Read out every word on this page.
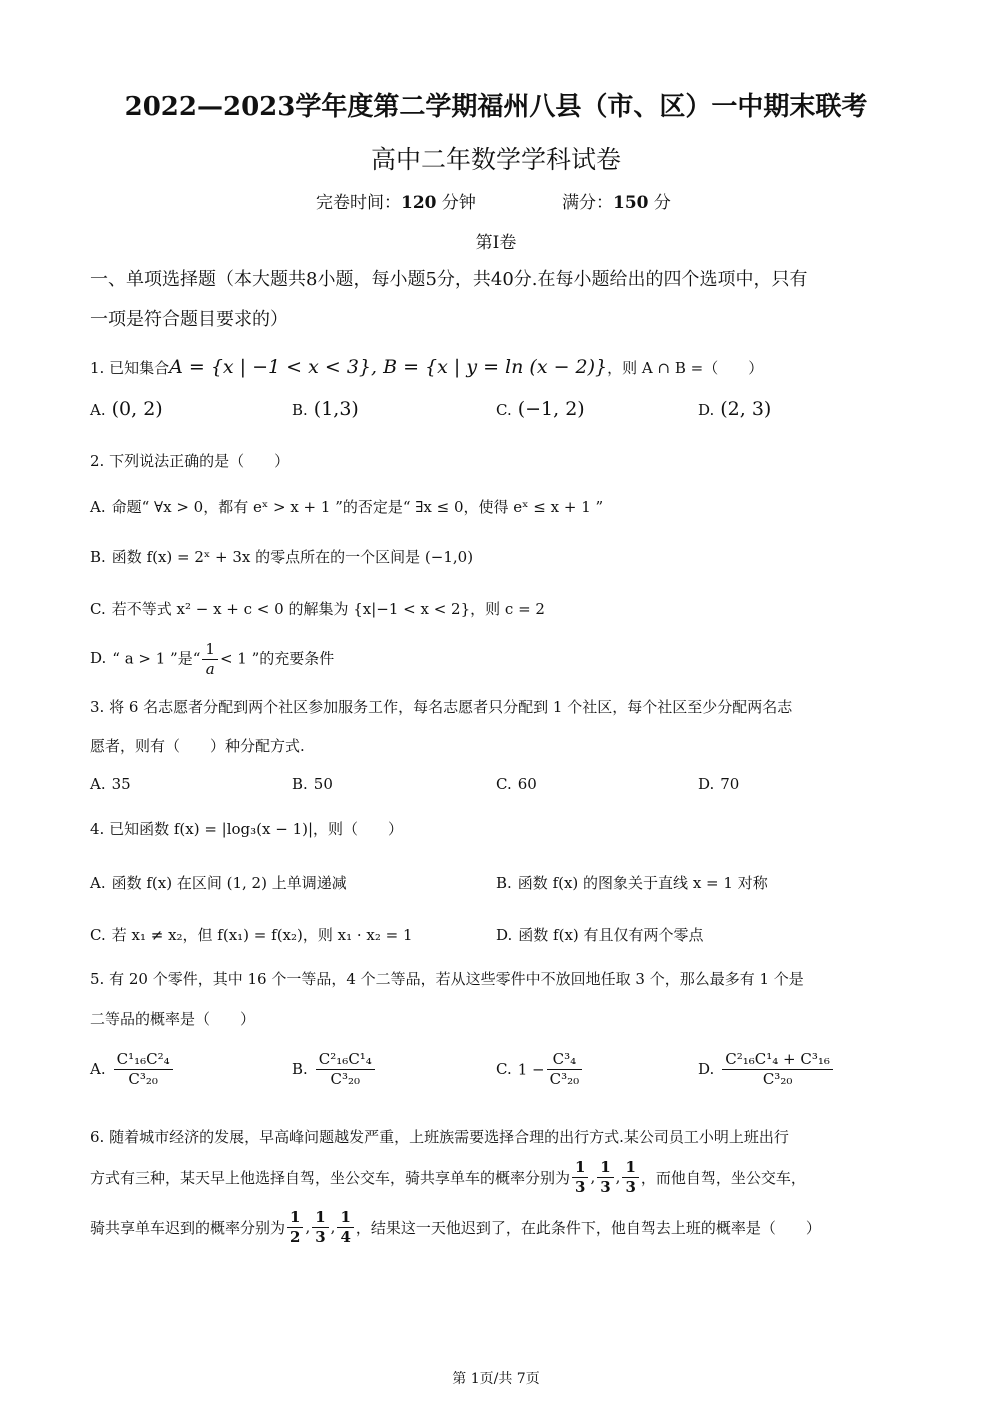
2022—2023学年度第二学期福州八县（市、区）一中期末联考
高中二年数学学科试卷
完卷时间：120 分钟	满分：150 分
第I卷
一、单项选择题（本大题共8小题，每小题5分，共40分.在每小题给出的四个选项中，只有
一项是符合题目要求的）
1. 已知集合A = {x | −1 < x < 3}, B = {x | y = ln (x − 2)}，则 A ∩ B =（　　）
A. (0, 2)	B. (1,3)	C. (−1, 2)	D. (2, 3)
2. 下列说法正确的是（　　）
A. 命题“ ∀x > 0，都有 eˣ > x + 1 ”的否定是“ ∃x ≤ 0，使得 eˣ ≤ x + 1 ”
B. 函数 f(x) = 2ˣ + 3x 的零点所在的一个区间是 (−1,0)
C. 若不等式 x² − x + c < 0 的解集为 {x|−1 < x < 2}，则 c = 2
D. “ a > 1 ”是“ $\frac{1}{a} < 1$ ”的充要条件
3. 将 6 名志愿者分配到两个社区参加服务工作，每名志愿者只分配到 1 个社区，每个社区至少分配两名志
愿者，则有（　　）种分配方式.
A. 35	B. 50	C. 60	D. 70
4. 已知函数 f(x) = |log₃(x − 1)|，则（　　）
A. 函数 f(x) 在区间 (1, 2) 上单调递减	B. 函数 f(x) 的图象关于直线 x = 1 对称
C. 若 x₁ ≠ x₂，但 f(x₁) = f(x₂)，则 x₁ · x₂ = 1	D. 函数 f(x) 有且仅有两个零点
5. 有 20 个零件，其中 16 个一等品，4 个二等品，若从这些零件中不放回地任取 3 个，那么最多有 1 个是
二等品的概率是（　　）
A. $\frac{\text{C¹₁₆C²₄}}{\text{C³₂₀}}$	B. $\frac{\text{C²₁₆C¹₄}}{\text{C³₂₀}}$	C. $1 - \frac{\text{C³₄}}{\text{C³₂₀}}$	D. $\frac{\text{C²₁₆C¹₄ + C³₁₆}}{\text{C³₂₀}}$
6. 随着城市经济的发展，早高峰问题越发严重，上班族需要选择合理的出行方式.某公司员工小明上班出行
方式有三种，某天早上他选择自驾，坐公交车，骑共享单车的概率分别为 $\frac{1}{3}$ , $\frac{1}{3}$ , $\frac{1}{3}$ ，而他自驾，坐公交车，
骑共享单车迟到的概率分别为 $\frac{1}{2}$ , $\frac{1}{3}$ , $\frac{1}{4}$ ，结果这一天他迟到了，在此条件下，他自驾去上班的概率是（　　）
第 1页/共 7页
